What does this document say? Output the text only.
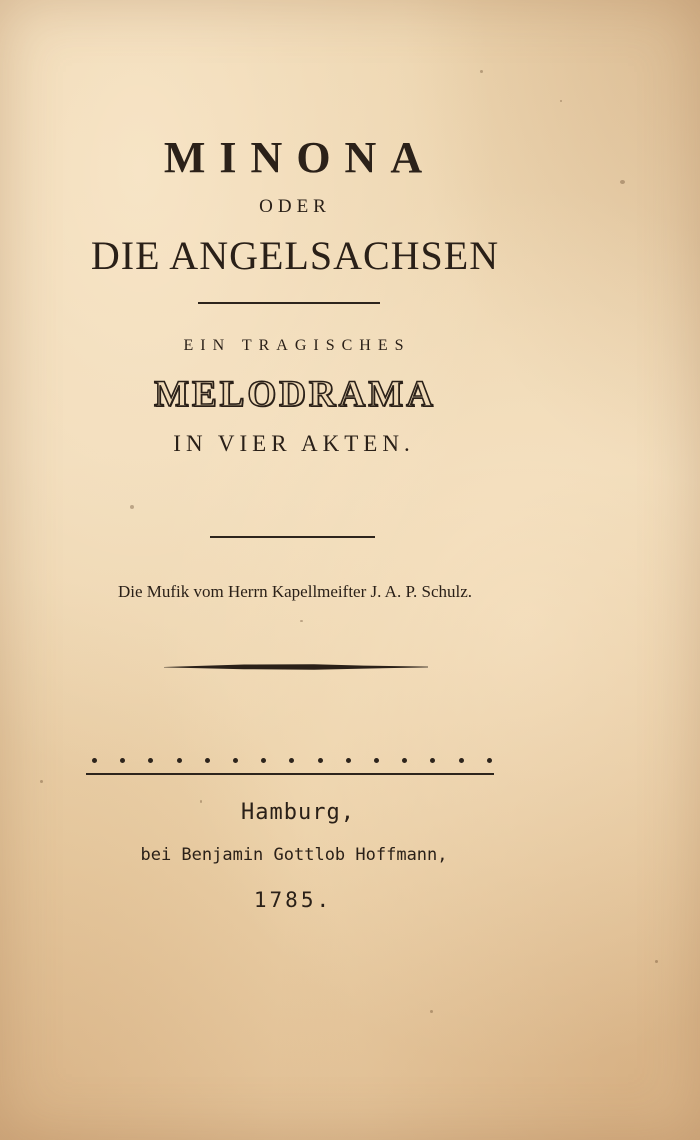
MINONA
ODER
DIE ANGELSACHSEN
EIN TRAGISCHES
MELODRAMA
IN VIER AKTEN.
Die Mufik vom Herrn Kapellmeifter J. A. P. Schulz.
Hamburg,
bei Benjamin Gottlob Hoffmann,
1785.
